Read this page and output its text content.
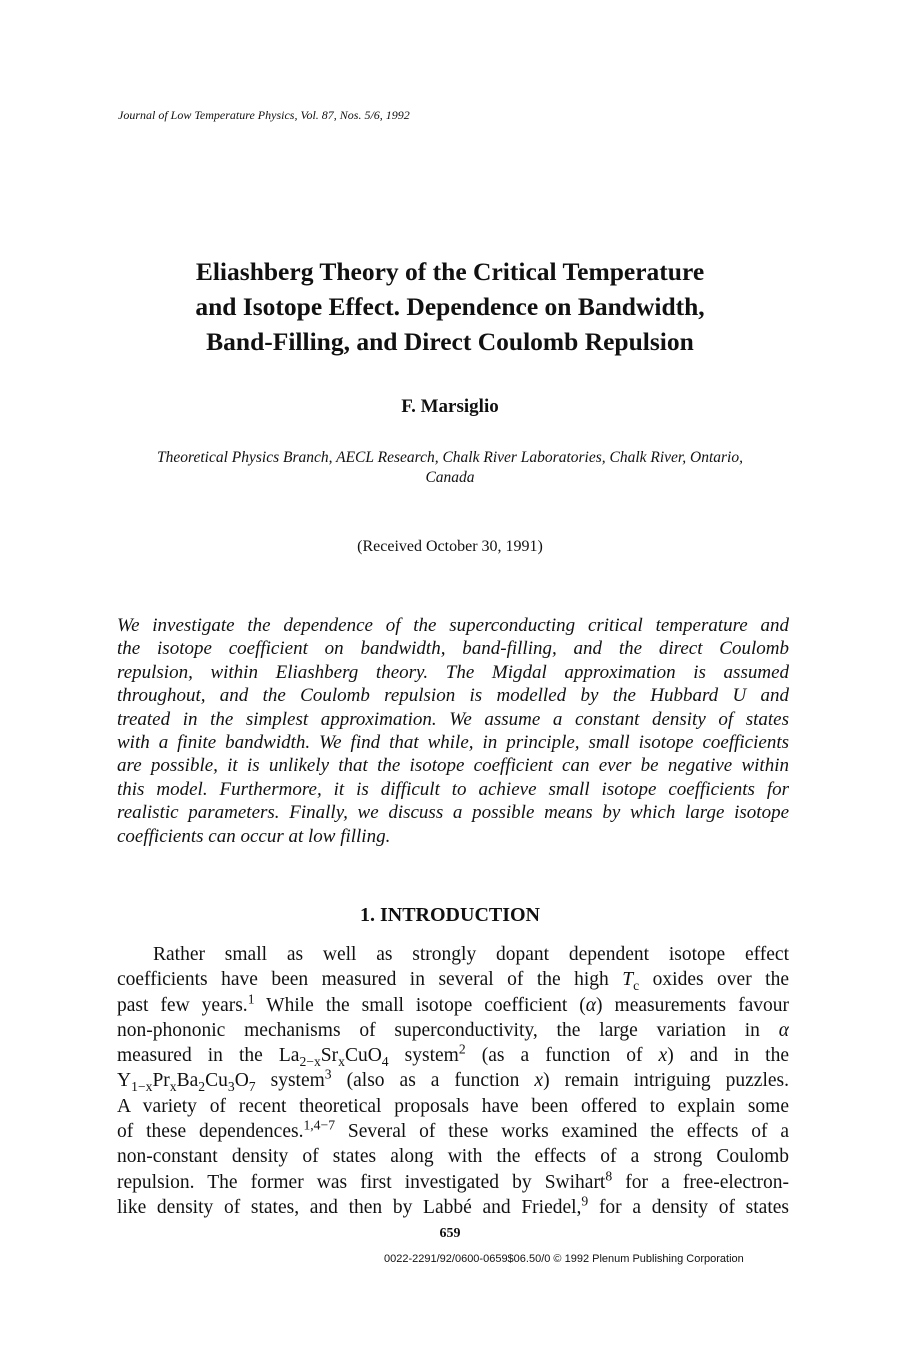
Journal of Low Temperature Physics, Vol. 87, Nos. 5/6, 1992
Eliashberg Theory of the Critical Temperature
and Isotope Effect. Dependence on Bandwidth,
Band-Filling, and Direct Coulomb Repulsion
F. Marsiglio
Theoretical Physics Branch, AECL Research, Chalk River Laboratories, Chalk River, Ontario,
Canada
(Received October 30, 1991)
We investigate the dependence of the superconducting critical temperature and
the isotope coefficient on bandwidth, band-filling, and the direct Coulomb
repulsion, within Eliashberg theory. The Migdal approximation is assumed
throughout, and the Coulomb repulsion is modelled by the Hubbard U and
treated in the simplest approximation. We assume a constant density of states
with a finite bandwidth. We find that while, in principle, small isotope coefficients
are possible, it is unlikely that the isotope coefficient can ever be negative within
this model. Furthermore, it is difficult to achieve small isotope coefficients for
realistic parameters. Finally, we discuss a possible means by which large isotope
coefficients can occur at low filling.
1. INTRODUCTION
Rather small as well as strongly dopant dependent isotope effect
coefficients have been measured in several of the high $T_c$ oxides over the
past few years.$^1$ While the small isotope coefficient (α) measurements favour
non-phononic mechanisms of superconductivity, the large variation in α
measured in the $La_{2-x}Sr_xCuO_4$ system$^2$ (as a function of x) and in the
$Y_{1-x}Pr_xBa_2Cu_3O_7$ system$^3$ (also as a function x) remain intriguing puzzles.
A variety of recent theoretical proposals have been offered to explain some
of these dependences.$^{1,4-7}$ Several of these works examined the effects of a
non-constant density of states along with the effects of a strong Coulomb
repulsion. The former was first investigated by Swihart$^8$ for a free-electron-
like density of states, and then by Labbé and Friedel,$^9$ for a density of states
659
0022-2291/92/0600-0659$06.50/0 © 1992 Plenum Publishing Corporation
